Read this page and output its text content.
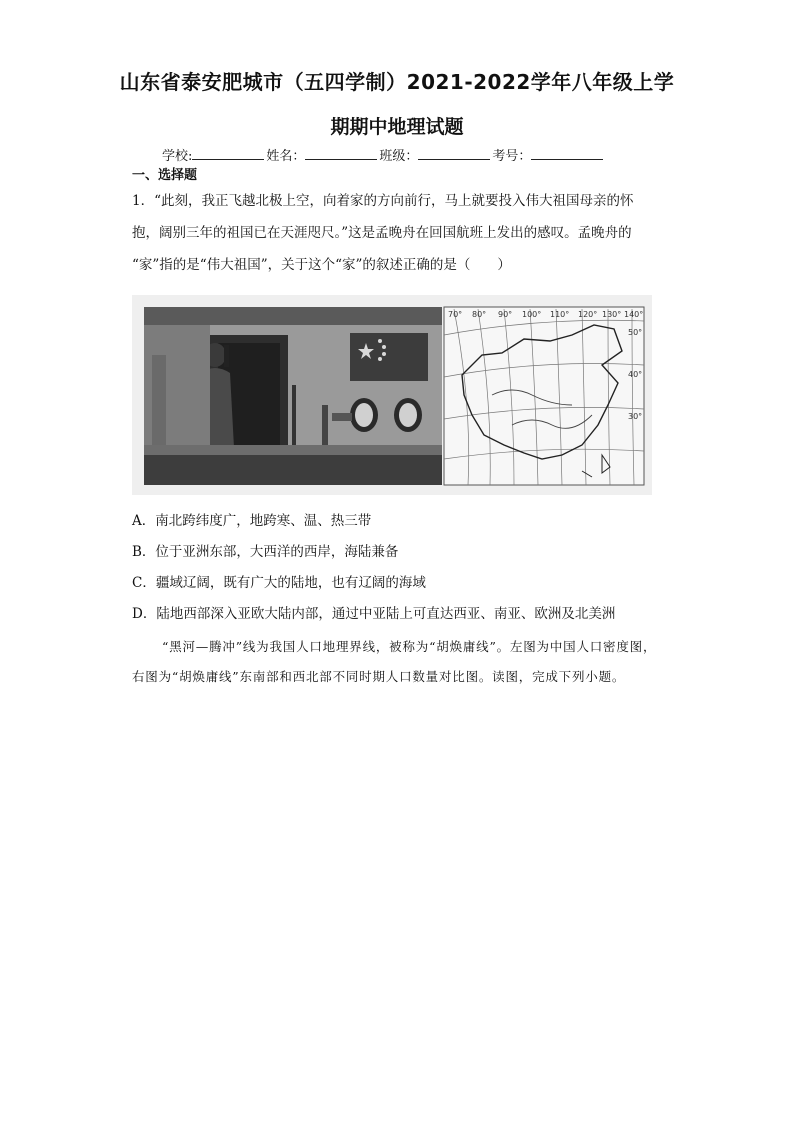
山东省泰安肥城市（五四学制）2021-2022学年八年级上学
期期中地理试题
学校:	姓名：	班级：	考号：
一、选择题
1．“此刻，我正飞越北极上空，向着家的方向前行，马上就要投入伟大祖国母亲的怀
抱，阔别三年的祖国已在天涯咫尺。”这是孟晚舟在回国航班上发出的感叹。孟晚舟的
“家”指的是“伟大祖国”，关于这个“家”的叙述正确的是（　　）
70° 80° 90° 100° 110° 120° 130° 140°
50°
40°
30°
A．南北跨纬度广，地跨寒、温、热三带
B．位于亚洲东部，大西洋的西岸，海陆兼备
C．疆域辽阔，既有广大的陆地，也有辽阔的海域
D．陆地西部深入亚欧大陆内部，通过中亚陆上可直达西亚、南亚、欧洲及北美洲
“黑河—腾冲”线为我国人口地理界线，被称为“胡焕庸线”。左图为中国人口密度图，右图为“胡焕庸线”东南部和西北部不同时期人口数量对比图。读图，完成下列小题。
